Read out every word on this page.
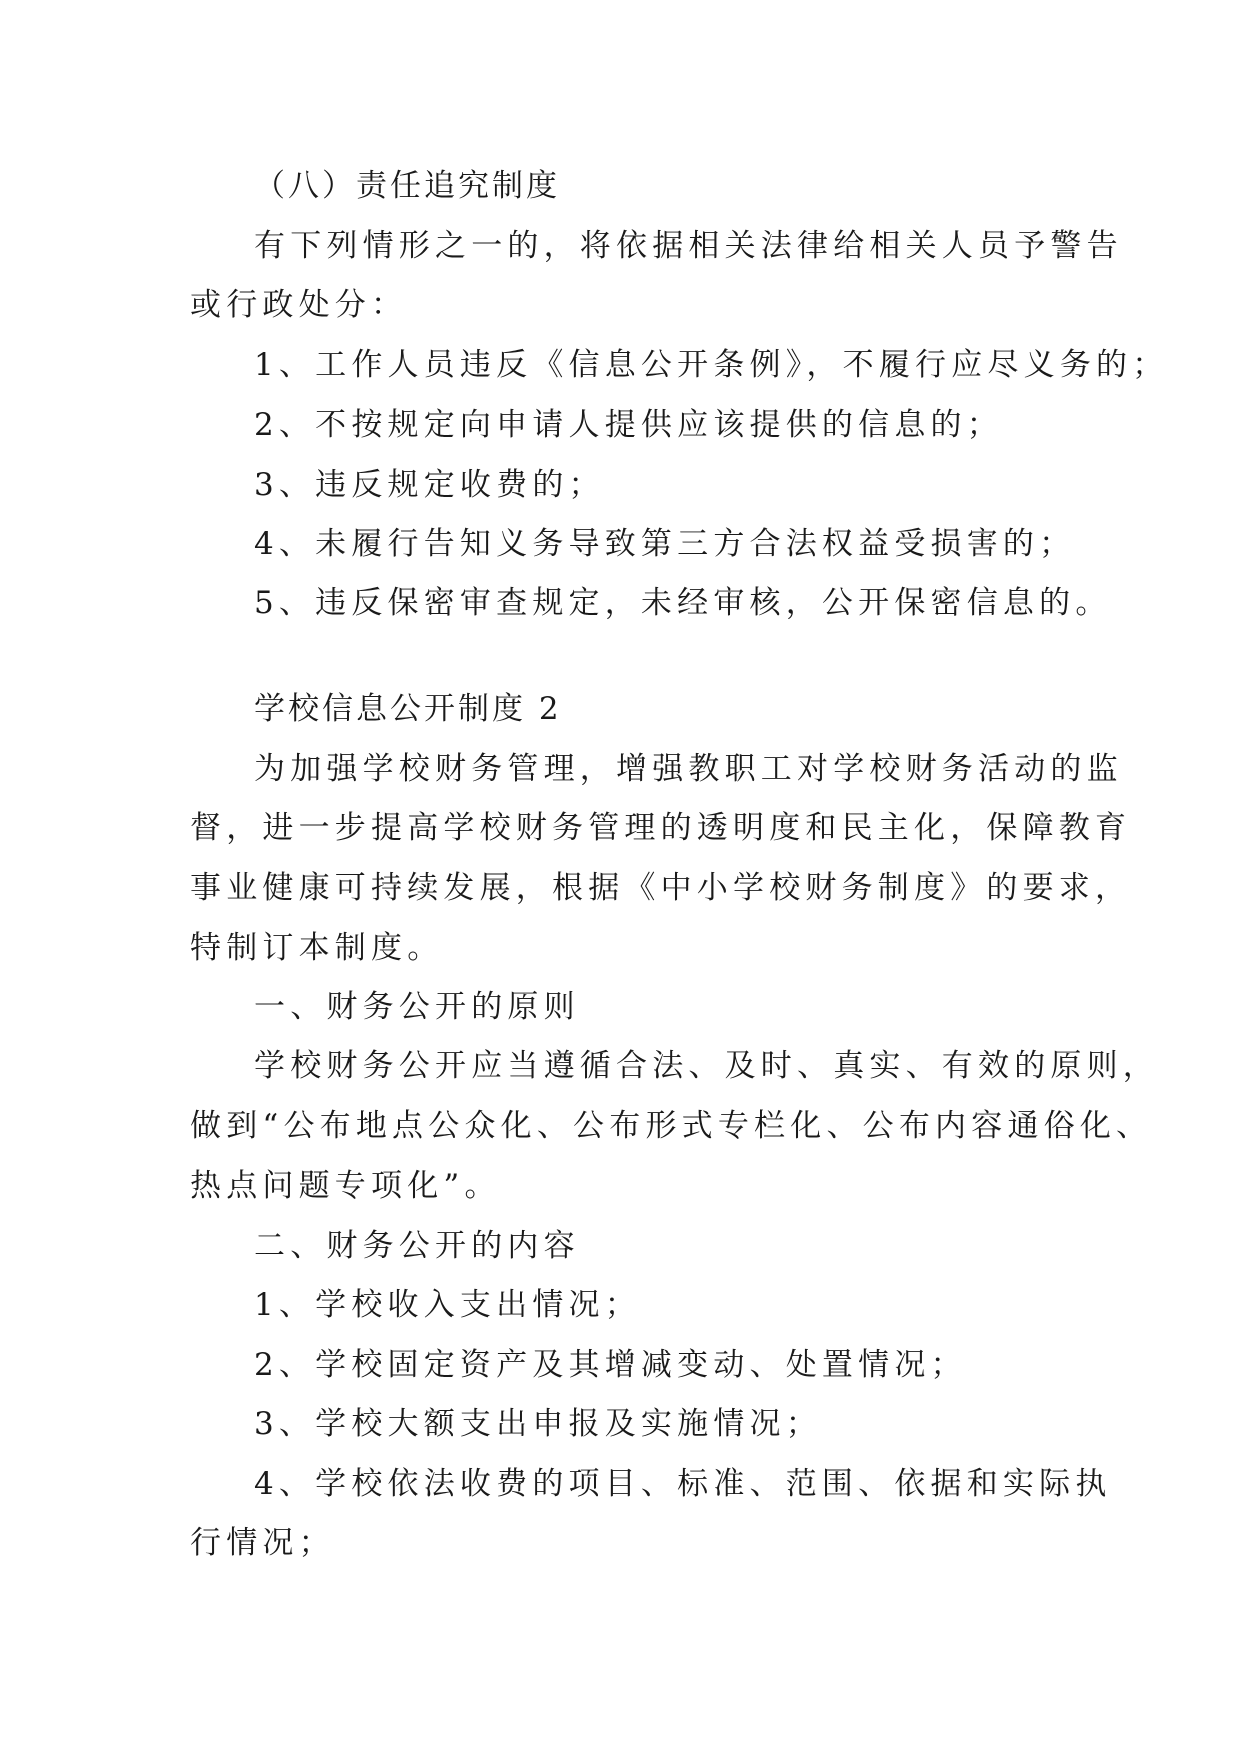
（八）责任追究制度
有下列情形之一的，将依据相关法律给相关人员予警告
或行政处分：
1、工作人员违反《信息公开条例》，不履行应尽义务的；
2、不按规定向申请人提供应该提供的信息的；
3、违反规定收费的；
4、未履行告知义务导致第三方合法权益受损害的；
5、违反保密审查规定，未经审核，公开保密信息的。
学校信息公开制度 2
为加强学校财务管理，增强教职工对学校财务活动的监
督，进一步提高学校财务管理的透明度和民主化，保障教育
事业健康可持续发展，根据《中小学校财务制度》的要求，
特制订本制度。
一、财务公开的原则
学校财务公开应当遵循合法、及时、真实、有效的原则，
做到“公布地点公众化、公布形式专栏化、公布内容通俗化、
热点问题专项化”。
二、财务公开的内容
1、学校收入支出情况；
2、学校固定资产及其增减变动、处置情况；
3、学校大额支出申报及实施情况；
4、学校依法收费的项目、标准、范围、依据和实际执
行情况；
